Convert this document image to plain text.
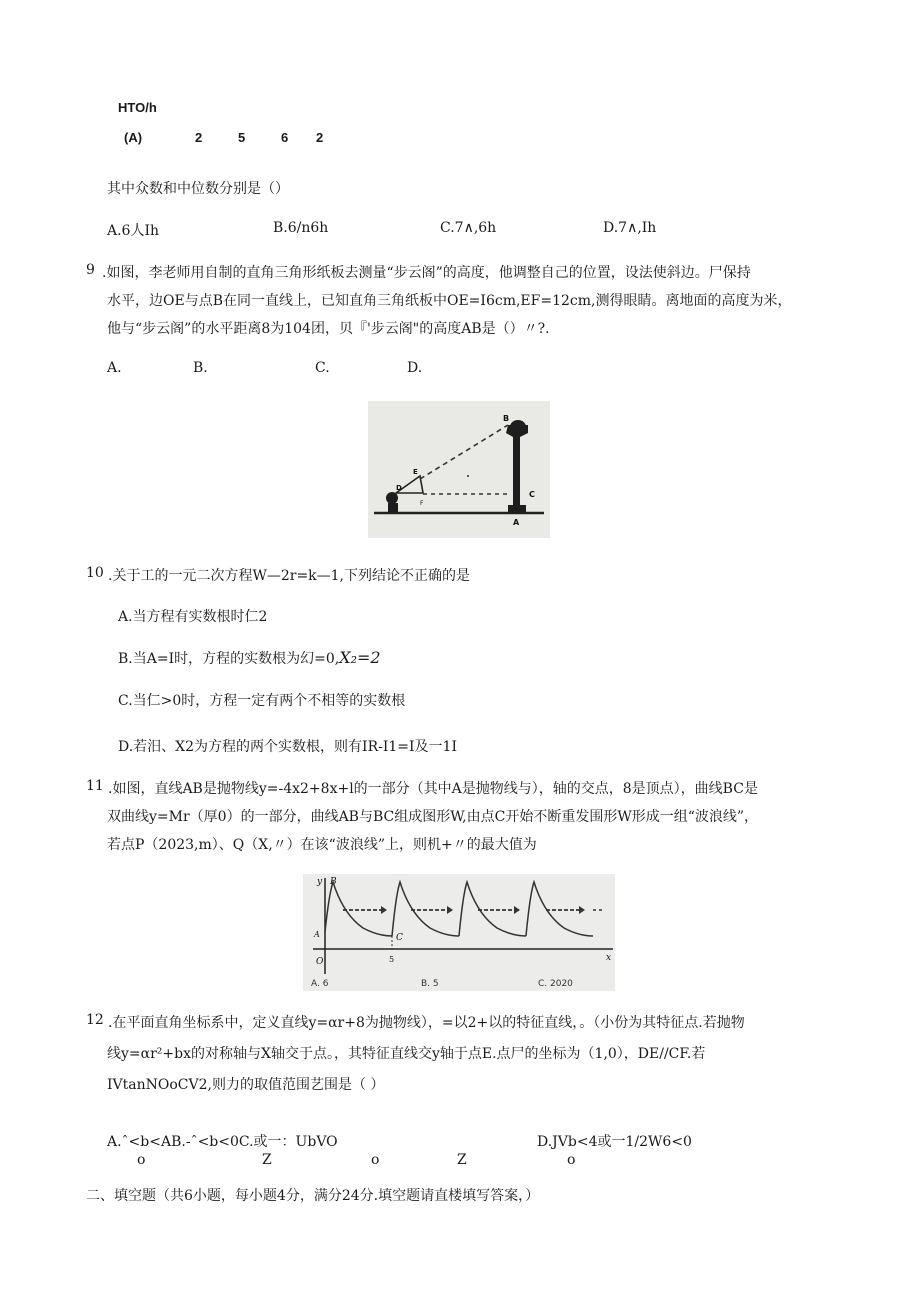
HTO/h
(A)	2	5	6 2
其中众数和中位数分别是（）
A.6人Ih	B.6/n6h	C.7∧,6h	D.7∧,Ih
9 .如图，李老师用自制的直角三角形纸板去测量“步云阁”的高度，他调整自己的位置，设法使斜边。尸保持
水平，边OE与点B在同一直线上，已知直角三角纸板中OE=I6cm,EF=12cm,测得眼睛。离地面的高度为米，
他与“步云阁”的水平距离8为104团，贝『'步云阁"的高度AB是（）〃?.
A.	B.	C.	D.
B
E
D
F
C
A
10 .关于工的一元二次方程W—2r=k—1,下列结论不正确的是
A.当方程有实数根时仁2
B.当A=I时，方程的实数根为幻=0,X₂=2
C.当仁>0时，方程一定有两个不相等的实数根
D.若汨、X2为方程的两个实数根，则有IR-I1=I及一1I
11 .如图，直线AB是抛物线y=-4x2+8x+l的一部分（其中A是抛物线与），轴的交点，8是顶点），曲线BC是
双曲线y=Mr（厚0）的一部分，曲线AB与BC组成图形W,由点C开始不断重发围形W形成一组“波浪线”，
若点P（2023,m）、Q（X,〃）在该“波浪线”上，则机+〃的最大值为
y
x
B
A	C
O	5
A. 6	B. 5	C. 2020
12 .在平面直角坐标系中，定义直线y=αr+8为抛物线），=以2+以的特征直线，。（小份为其特征点.若抛物
线y=αr²+bx的对称轴与X轴交于点。，其特征直线交y轴于点E.点尸的坐标为（1,0），DE//CF.若
IVtanNOoCV2,则力的取值范围艺围是（ ）
A.ˆ<b<AB.-ˆ<b<0C.或一：UbVO	D.JVb<4或一1/2W6<0
o	Z	o	Z	o
二、填空题（共6小题，每小题4分，满分24分.填空题请直楼填写答案，）
